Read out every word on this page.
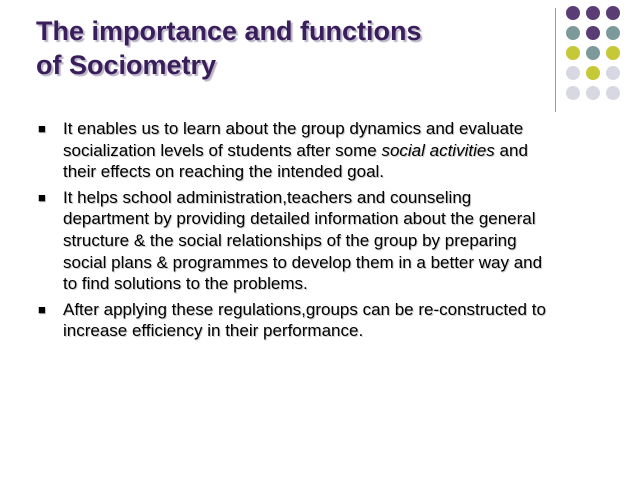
The importance and functions
of Sociometry
■ It enables us to learn about the group dynamics and evaluate socialization levels of students after some social activities and their effects on reaching the intended goal.
■ It helps school administration,teachers and counseling department by providing detailed information about the general structure & the social relationships of the group by preparing social plans & programmes to develop them in a better way and to find solutions to the problems.
■ After applying these regulations,groups can be re-constructed to increase efficiency in their performance.
